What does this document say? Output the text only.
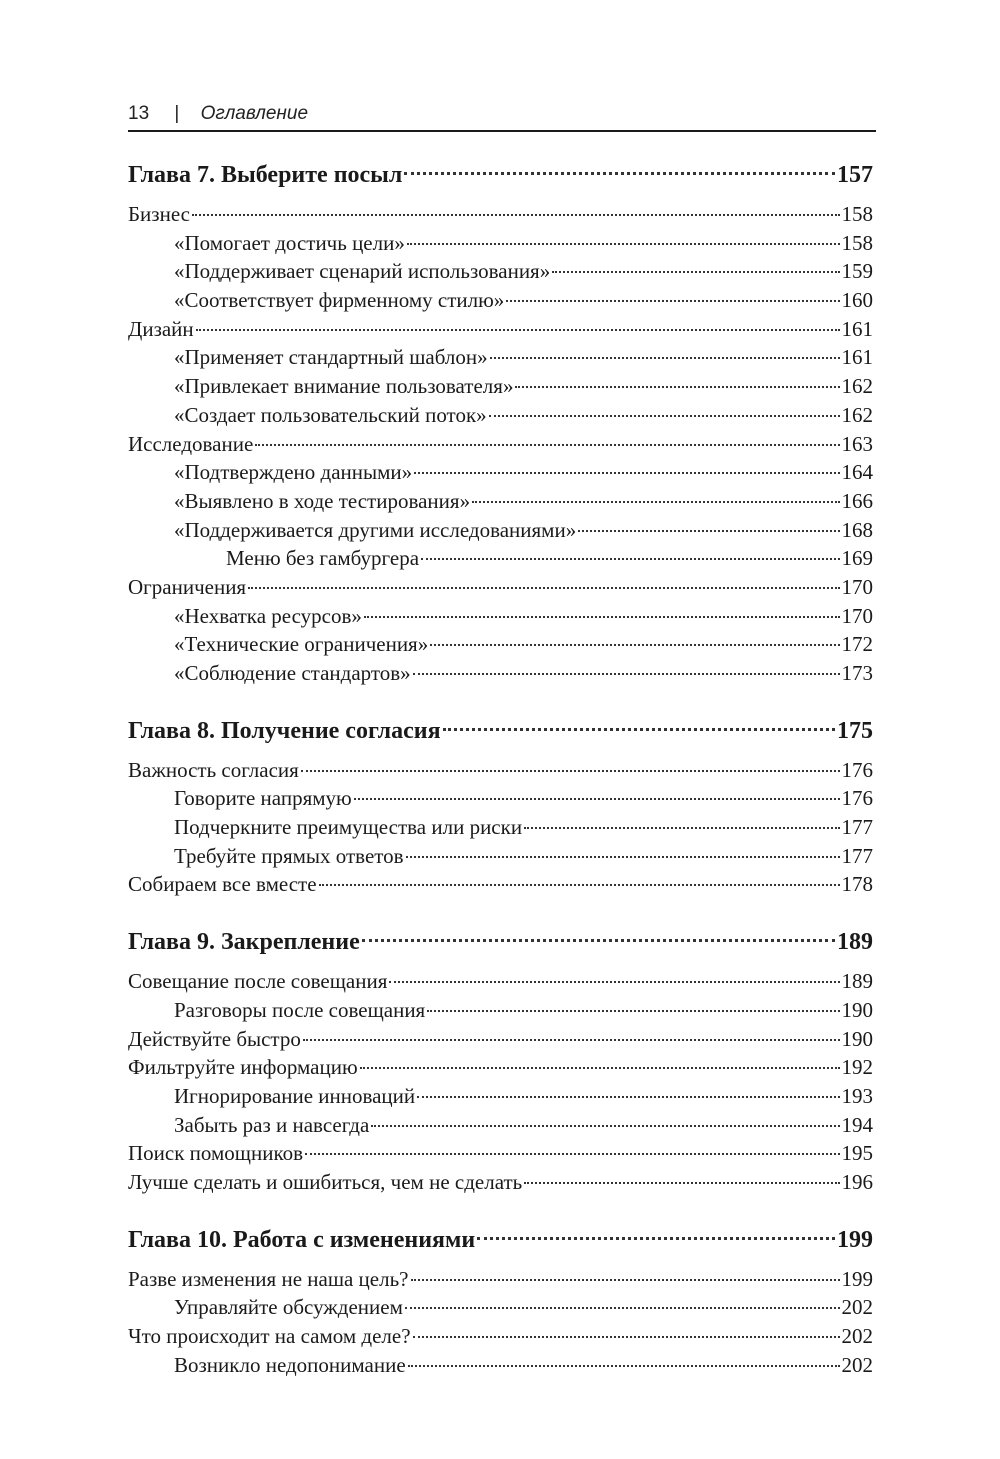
13 | Оглавление
Глава 7. Выберите посыл	157
Бизнес	158
«Помогает достичь цели»	158
«Поддерживает сценарий использования»	159
«Соответствует фирменному стилю»	160
Дизайн	161
«Применяет стандартный шаблон»	161
«Привлекает внимание пользователя»	162
«Создает пользовательский поток»	162
Исследование	163
«Подтверждено данными»	164
«Выявлено в ходе тестирования»	166
«Поддерживается другими исследованиями»	168
Меню без гамбургера	169
Ограничения	170
«Нехватка ресурсов»	170
«Технические ограничения»	172
«Соблюдение стандартов»	173
Глава 8. Получение согласия	175
Важность согласия	176
Говорите напрямую	176
Подчеркните преимущества или риски	177
Требуйте прямых ответов	177
Собираем все вместе	178
Глава 9. Закрепление	189
Совещание после совещания	189
Разговоры после совещания	190
Действуйте быстро	190
Фильтруйте информацию	192
Игнорирование инноваций	193
Забыть раз и навсегда	194
Поиск помощников	195
Лучше сделать и ошибиться, чем не сделать	196
Глава 10. Работа с изменениями	199
Разве изменения не наша цель?	199
Управляйте обсуждением	202
Что происходит на самом деле?	202
Возникло недопонимание	202
